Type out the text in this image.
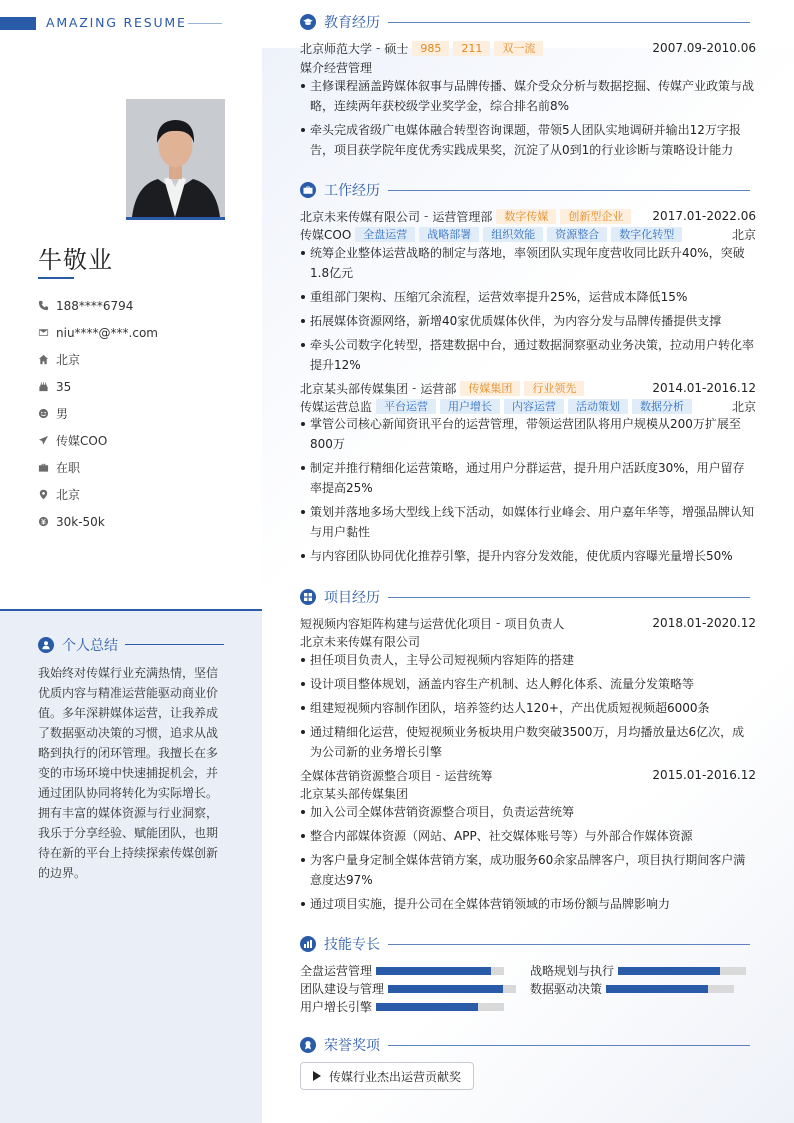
AMAZING RESUME
牛敬业
188****6794
niu****@***.com
北京
35
男
传媒COO
在职
北京
30k-50k
个人总结
我始终对传媒行业充满热情，坚信优质内容与精准运营能驱动商业价值。多年深耕媒体运营，让我养成了数据驱动决策的习惯，追求从战略到执行的闭环管理。我擅长在多变的市场环境中快速捕捉机会，并通过团队协同将转化为实际增长。拥有丰富的媒体资源与行业洞察，我乐于分享经验、赋能团队，也期待在新的平台上持续探索传媒创新的边界。
教育经历
北京师范大学 - 硕士	985	211	双一流	2007.09-2010.06
媒介经营管理
主修课程涵盖跨媒体叙事与品牌传播、媒介受众分析与数据挖掘、传媒产业政策与战略，连续两年获校级学业奖学金，综合排名前8%
牵头完成省级广电媒体融合转型咨询课题，带领5人团队实地调研并输出12万字报告，项目获学院年度优秀实践成果奖，沉淀了从0到1的行业诊断与策略设计能力
工作经历
北京未来传媒有限公司 - 运营管理部	数字传媒	创新型企业	2017.01-2022.06
传媒COO	全盘运营	战略部署	组织效能	资源整合	数字化转型	北京
统筹企业整体运营战略的制定与落地，率领团队实现年度营收同比跃升40%，突破1.8亿元
重组部门架构、压缩冗余流程，运营效率提升25%，运营成本降低15%
拓展媒体资源网络，新增40家优质媒体伙伴，为内容分发与品牌传播提供支撑
牵头公司数字化转型，搭建数据中台，通过数据洞察驱动业务决策，拉动用户转化率提升12%
北京某头部传媒集团 - 运营部	传媒集团	行业领先	2014.01-2016.12
传媒运营总监	平台运营	用户增长	内容运营	活动策划	数据分析	北京
掌管公司核心新闻资讯平台的运营管理，带领运营团队将用户规模从200万扩展至800万
制定并推行精细化运营策略，通过用户分群运营，提升用户活跃度30%，用户留存率提高25%
策划并落地多场大型线上线下活动，如媒体行业峰会、用户嘉年华等，增强品牌认知与用户黏性
与内容团队协同优化推荐引擎，提升内容分发效能，使优质内容曝光量增长50%
项目经历
短视频内容矩阵构建与运营优化项目 - 项目负责人	2018.01-2020.12
北京未来传媒有限公司
担任项目负责人，主导公司短视频内容矩阵的搭建
设计项目整体规划，涵盖内容生产机制、达人孵化体系、流量分发策略等
组建短视频内容制作团队，培养签约达人120+，产出优质短视频超6000条
通过精细化运营，使短视频业务板块用户数突破3500万，月均播放量达6亿次，成为公司新的业务增长引擎
全媒体营销资源整合项目 - 运营统筹	2015.01-2016.12
北京某头部传媒集团
加入公司全媒体营销资源整合项目，负责运营统筹
整合内部媒体资源（网站、APP、社交媒体账号等）与外部合作媒体资源
为客户量身定制全媒体营销方案，成功服务60余家品牌客户，项目执行期间客户满意度达97%
通过项目实施，提升公司在全媒体营销领域的市场份额与品牌影响力
技能专长
全盘运营管理	战略规划与执行
团队建设与管理	数据驱动决策
用户增长引擎
荣誉奖项
传媒行业杰出运营贡献奖
